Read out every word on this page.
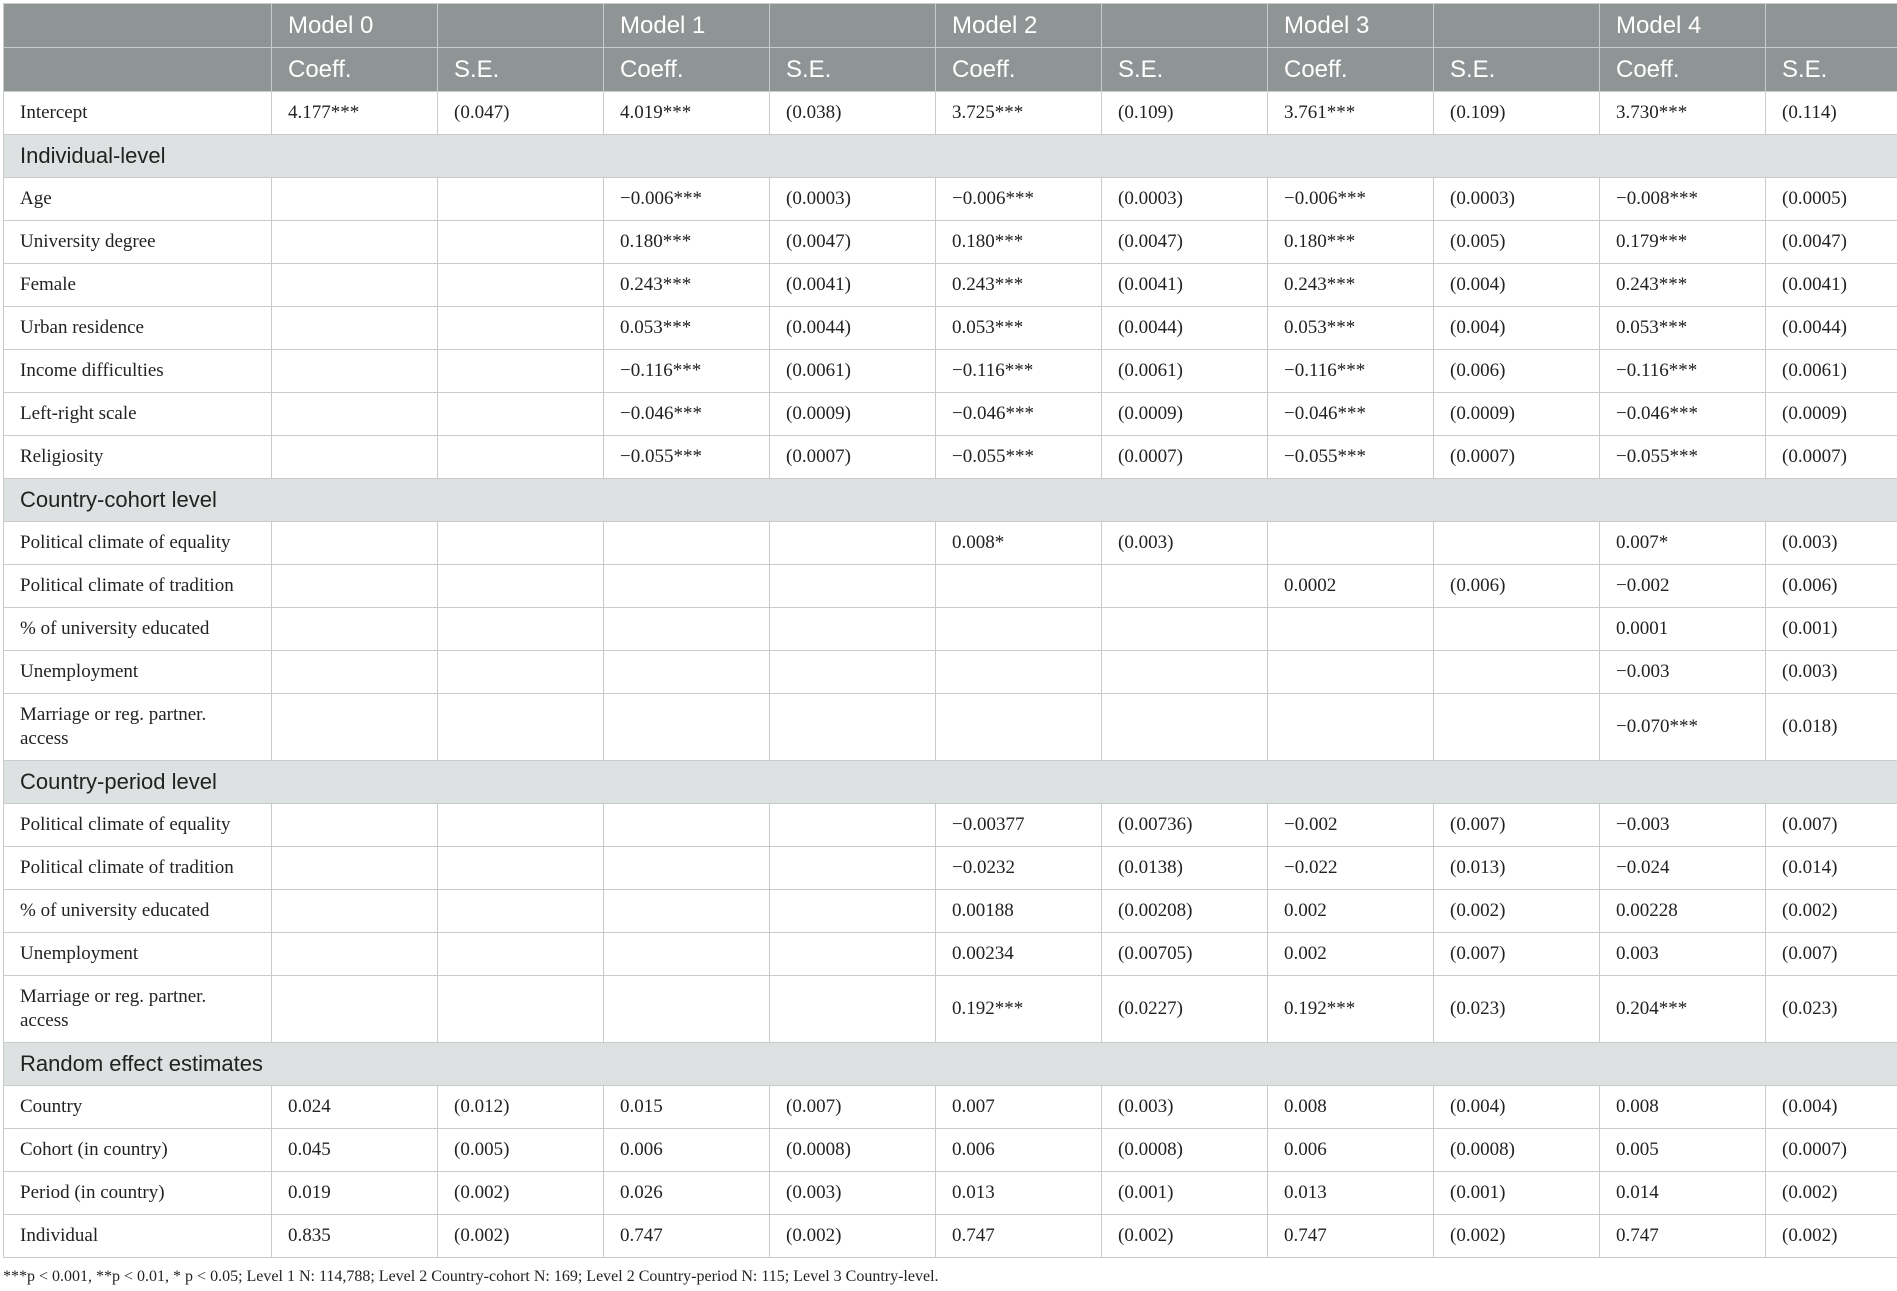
	Model 0		Model 1		Model 2		Model 3		Model 4	
	Coeff.	S.E.	Coeff.	S.E.	Coeff.	S.E.	Coeff.	S.E.	Coeff.	S.E.
Intercept	4.177***	(0.047)	4.019***	(0.038)	3.725***	(0.109)	3.761***	(0.109)	3.730***	(0.114)
Individual-level										
Age			−0.006***	(0.0003)	−0.006***	(0.0003)	−0.006***	(0.0003)	−0.008***	(0.0005)
University degree			0.180***	(0.0047)	0.180***	(0.0047)	0.180***	(0.005)	0.179***	(0.0047)
Female			0.243***	(0.0041)	0.243***	(0.0041)	0.243***	(0.004)	0.243***	(0.0041)
Urban residence			0.053***	(0.0044)	0.053***	(0.0044)	0.053***	(0.004)	0.053***	(0.0044)
Income difficulties			−0.116***	(0.0061)	−0.116***	(0.0061)	−0.116***	(0.006)	−0.116***	(0.0061)
Left-right scale			−0.046***	(0.0009)	−0.046***	(0.0009)	−0.046***	(0.0009)	−0.046***	(0.0009)
Religiosity			−0.055***	(0.0007)	−0.055***	(0.0007)	−0.055***	(0.0007)	−0.055***	(0.0007)
Country-cohort level										
Political climate of equality					0.008*	(0.003)			0.007*	(0.003)
Political climate of tradition							0.0002	(0.006)	−0.002	(0.006)
% of university educated									0.0001	(0.001)
Unemployment									−0.003	(0.003)
Marriage or reg. partner.
access									−0.070***	(0.018)
Country-period level										
Political climate of equality					−0.00377	(0.00736)	−0.002	(0.007)	−0.003	(0.007)
Political climate of tradition					−0.0232	(0.0138)	−0.022	(0.013)	−0.024	(0.014)
% of university educated					0.00188	(0.00208)	0.002	(0.002)	0.00228	(0.002)
Unemployment					0.00234	(0.00705)	0.002	(0.007)	0.003	(0.007)
Marriage or reg. partner.
access					0.192***	(0.0227)	0.192***	(0.023)	0.204***	(0.023)
Random effect estimates										
Country	0.024	(0.012)	0.015	(0.007)	0.007	(0.003)	0.008	(0.004)	0.008	(0.004)
Cohort (in country)	0.045	(0.005)	0.006	(0.0008)	0.006	(0.0008)	0.006	(0.0008)	0.005	(0.0007)
Period (in country)	0.019	(0.002)	0.026	(0.003)	0.013	(0.001)	0.013	(0.001)	0.014	(0.002)
Individual	0.835	(0.002)	0.747	(0.002)	0.747	(0.002)	0.747	(0.002)	0.747	(0.002)
***p < 0.001, **p < 0.01, * p < 0.05; Level 1 N: 114,788; Level 2 Country-cohort N: 169; Level 2 Country-period N: 115; Level 3 Country-level.
